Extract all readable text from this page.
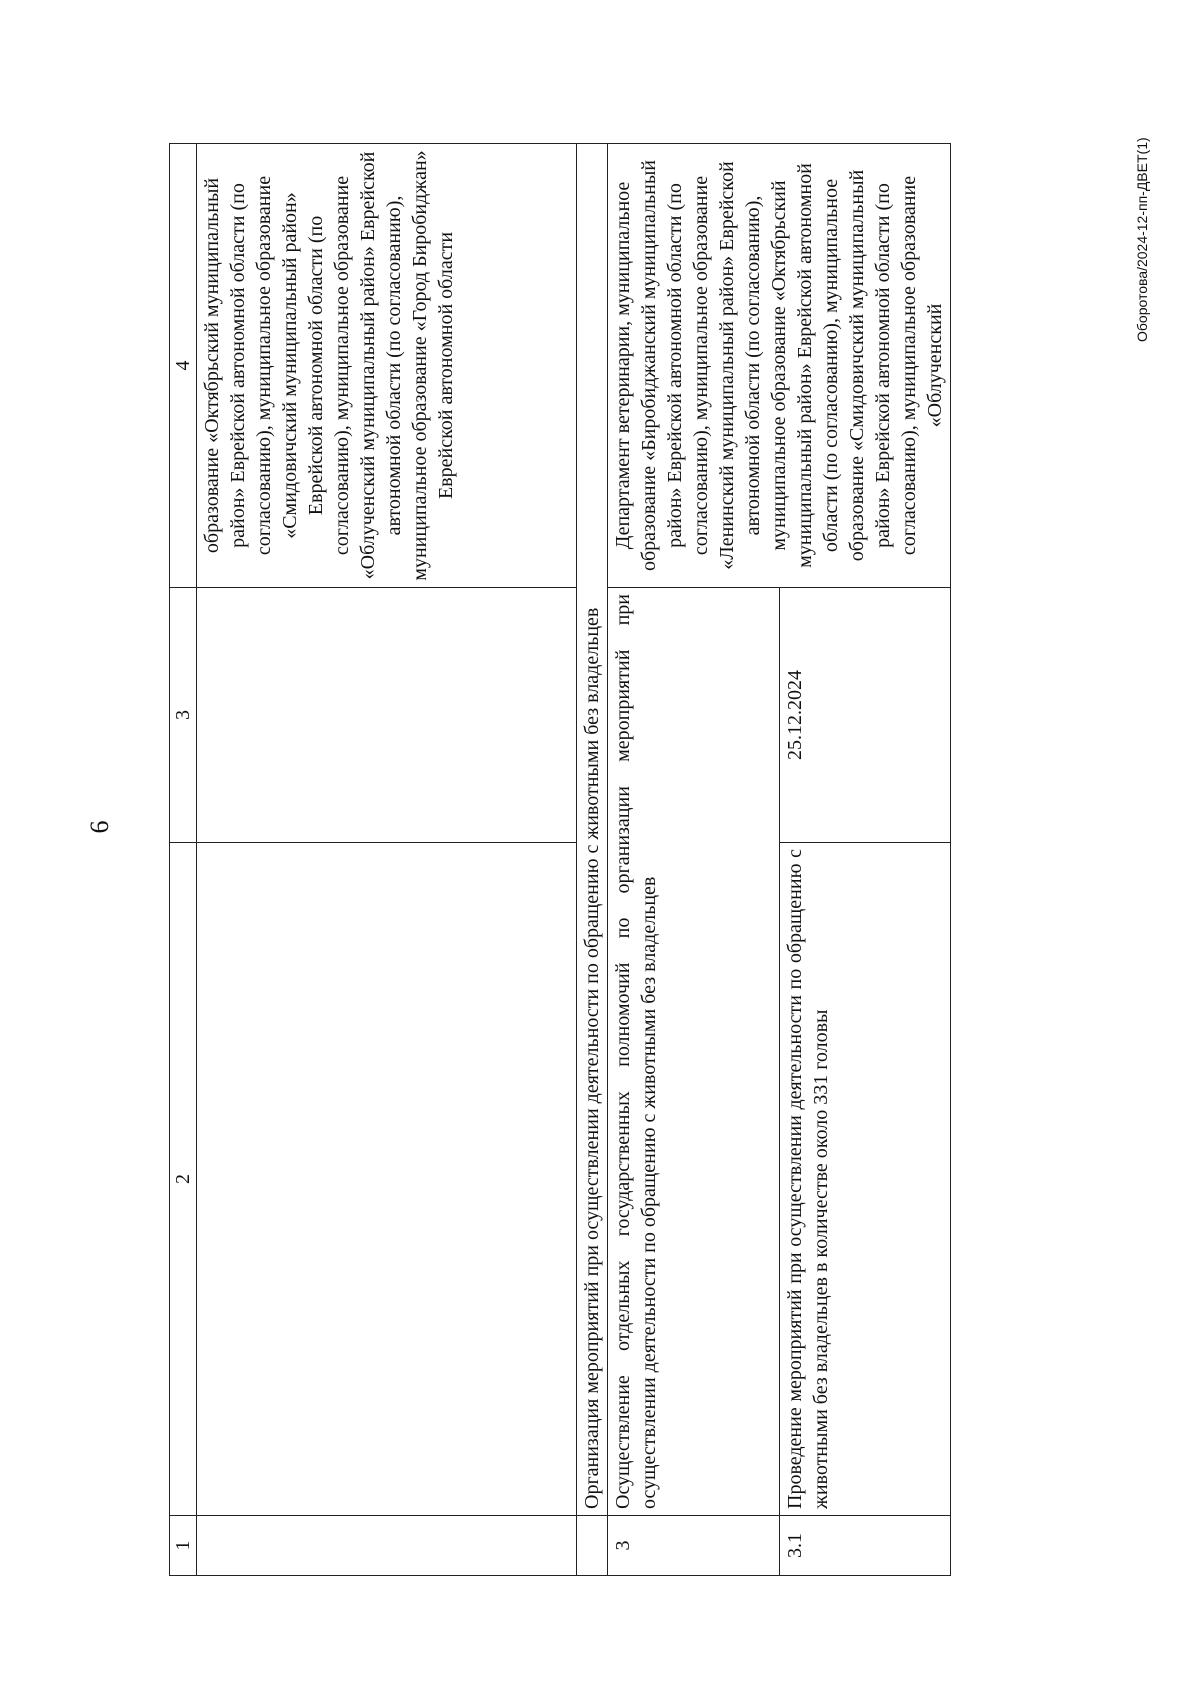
6
1	2	3	4
			образование «Октябрьский муниципальный район» Еврейской автономной области (по согласованию), муниципальное образование «Смидовичский муниципальный район» Еврейской автономной области (по согласованию), муниципальное образование «Облученский муниципальный район» Еврейской автономной области (по согласованию), муниципальное образование «Город Биробиджан» Еврейской автономной области
	Организация мероприятий при осуществлении деятельности по обращению с животными без владельцев		
3	Осуществление отдельных государственных полномочий по организации мероприятий при осуществлении деятельности по обращению с животными без владельцев		Департамент ветеринарии, муниципальное образование «Биробиджанский муниципальный район» Еврейской автономной области (по согласованию), муниципальное образование «Ленинский муниципальный район» Еврейской автономной области (по согласованию), муниципальное образование «Октябрьский муниципальный район» Еврейской автономной области (по согласованию), муниципальное образование «Смидовичский муниципальный район» Еврейской автономной области (по согласованию), муниципальное образование «Облученский
3.1	Проведение мероприятий при осуществлении деятельности по обращению с животными без владельцев в количестве около 331 головы	25.12.2024	
Оборотова/2024-12-пп-ДВЕТ(1)
